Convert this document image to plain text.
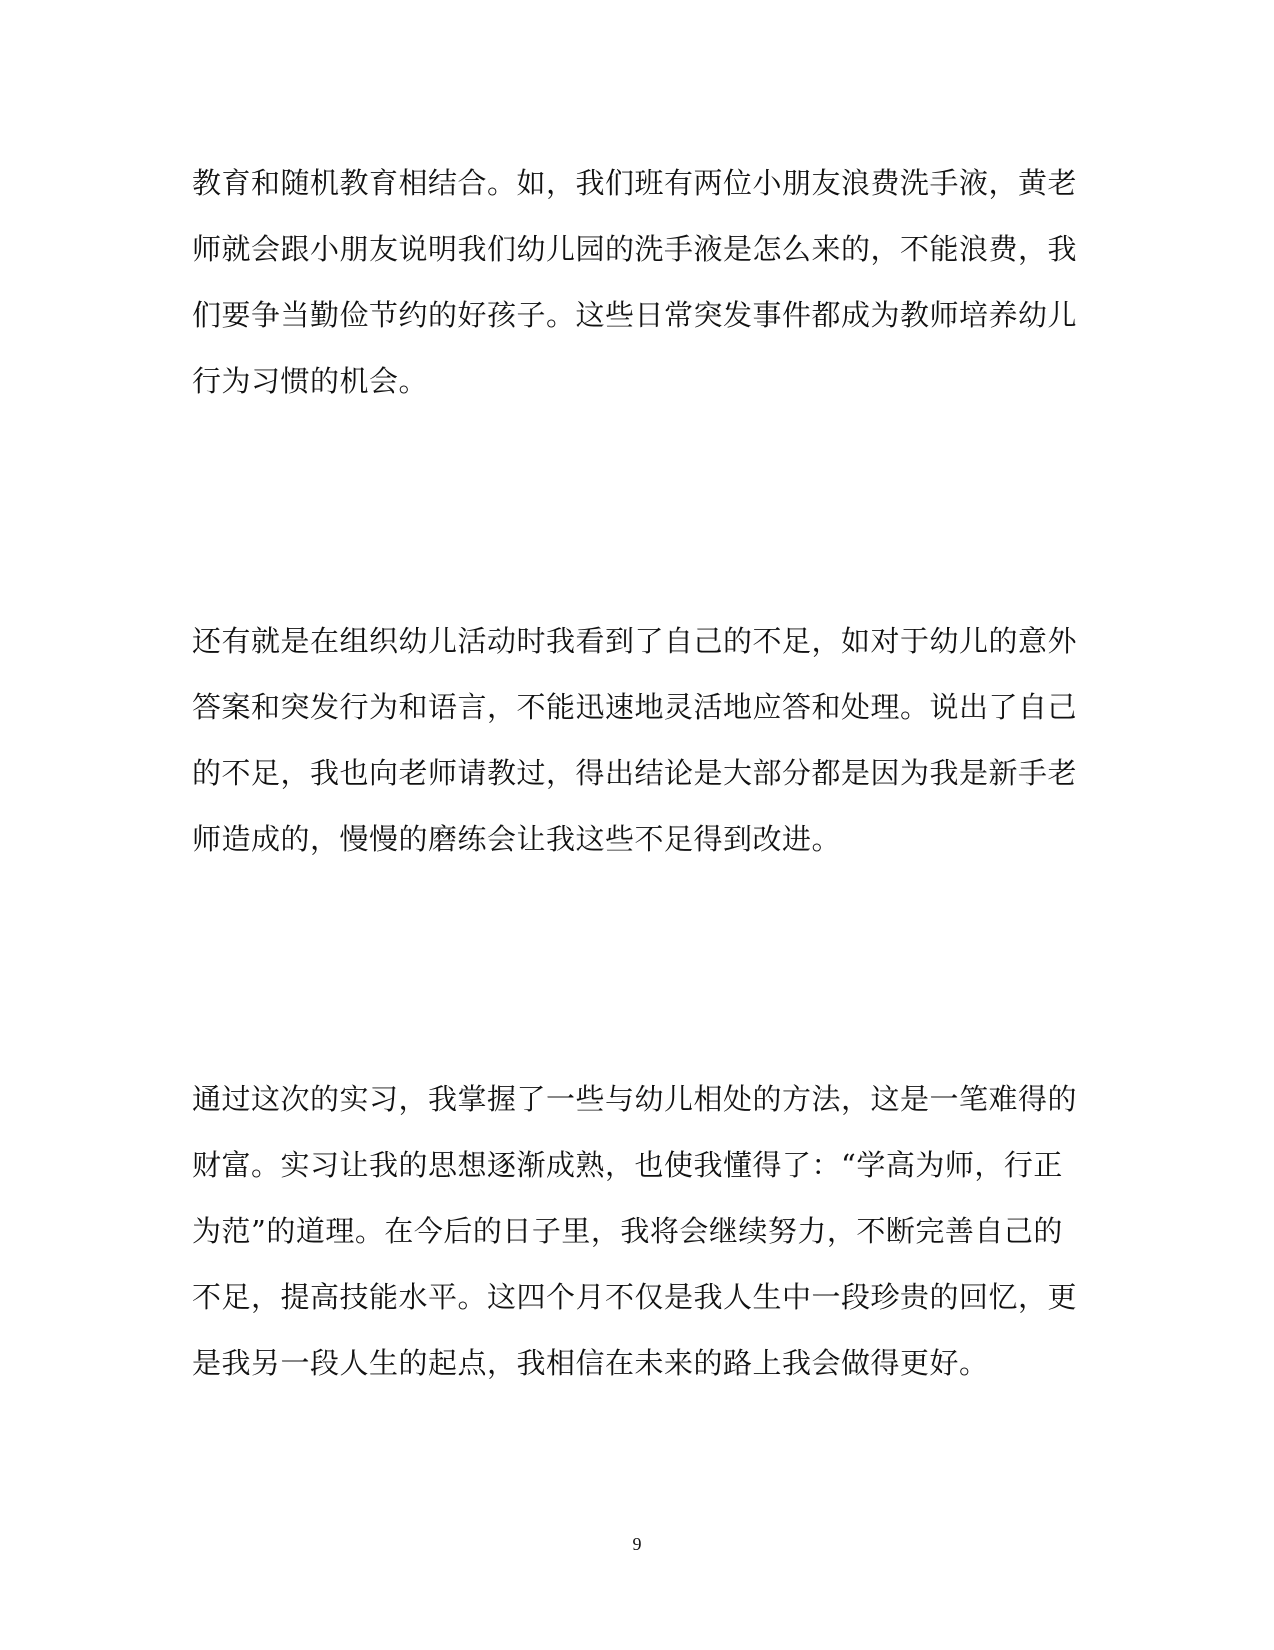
教育和随机教育相结合。如，我们班有两位小朋友浪费洗手液，黄老
师就会跟小朋友说明我们幼儿园的洗手液是怎么来的，不能浪费，我
们要争当勤俭节约的好孩子。这些日常突发事件都成为教师培养幼儿
行为习惯的机会。

还有就是在组织幼儿活动时我看到了自己的不足，如对于幼儿的意外
答案和突发行为和语言，不能迅速地灵活地应答和处理。说出了自己
的不足，我也向老师请教过，得出结论是大部分都是因为我是新手老
师造成的，慢慢的磨练会让我这些不足得到改进。

通过这次的实习，我掌握了一些与幼儿相处的方法，这是一笔难得的
财富。实习让我的思想逐渐成熟，也使我懂得了：“学高为师，行正
为范”的道理。在今后的日子里，我将会继续努力，不断完善自己的
不足，提高技能水平。这四个月不仅是我人生中一段珍贵的回忆，更
是我另一段人生的起点，我相信在未来的路上我会做得更好。

9
